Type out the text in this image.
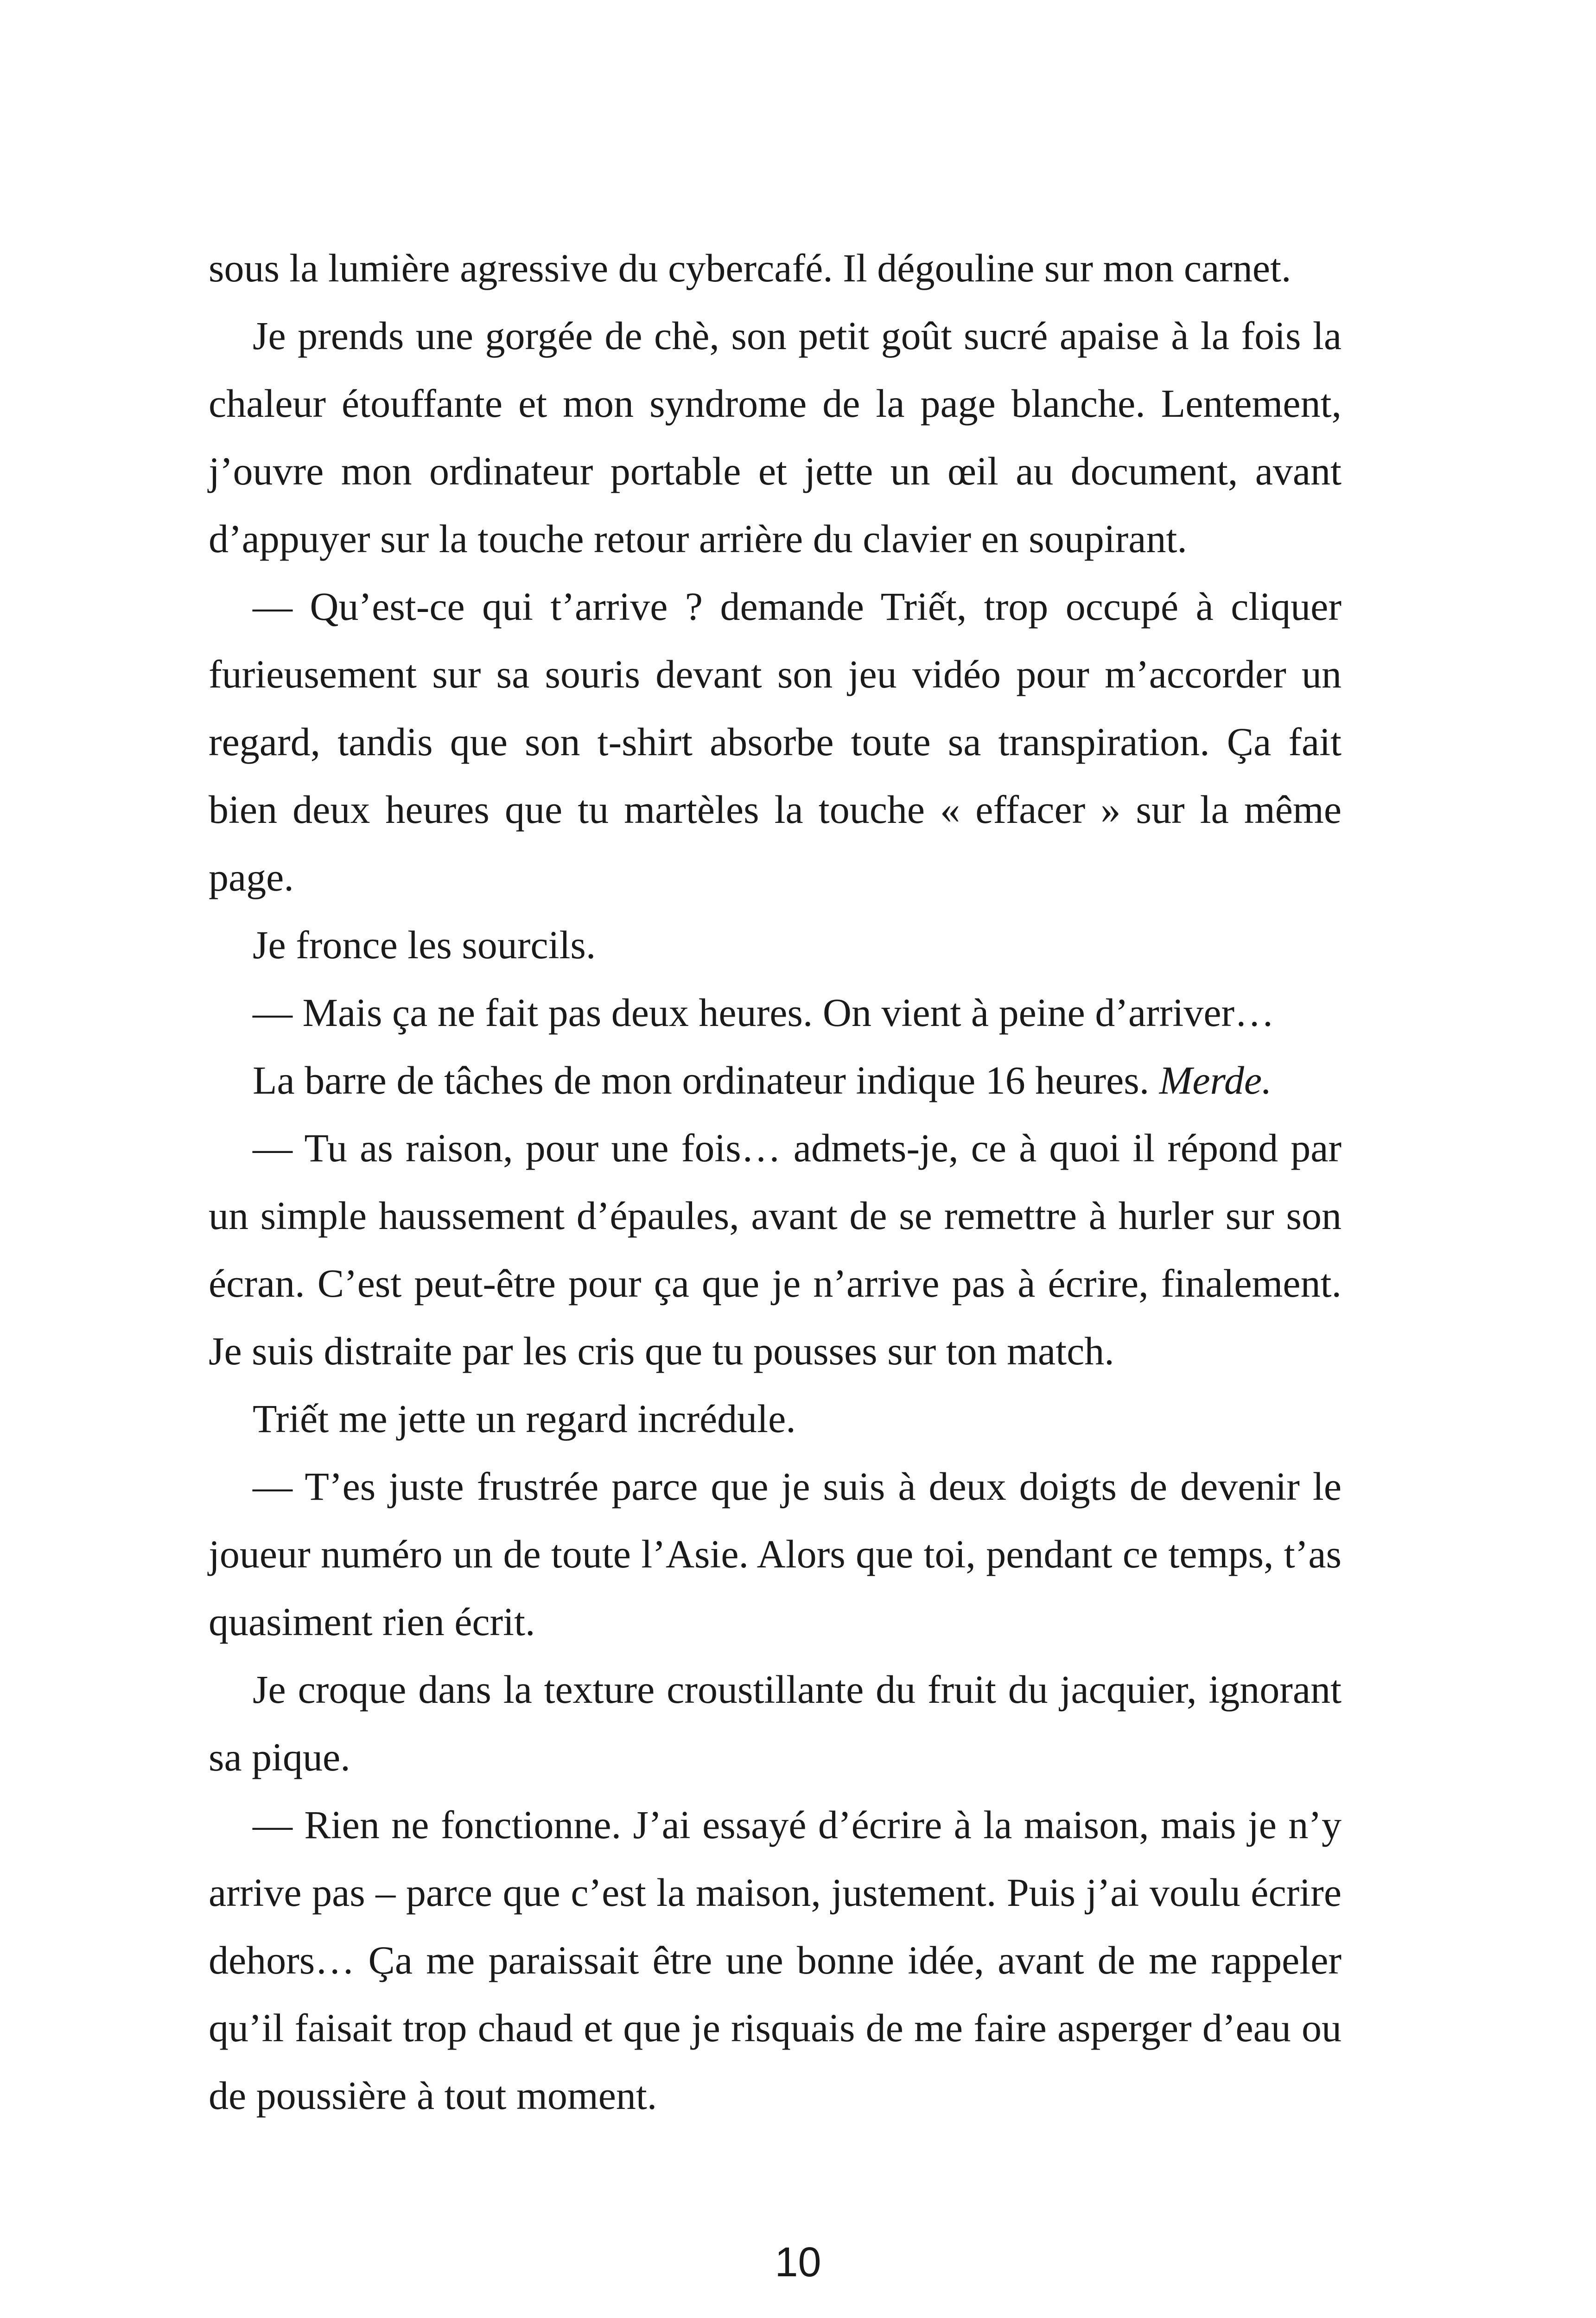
sous la lumière agressive du cybercafé. Il dégouline sur mon carnet.

Je prends une gorgée de chè, son petit goût sucré apaise à la fois la chaleur étouffante et mon syndrome de la page blanche. Lentement, j’ouvre mon ordinateur portable et jette un œil au document, avant d’appuyer sur la touche retour arrière du clavier en soupirant.

— Qu’est-ce qui t’arrive ? demande Triết, trop occupé à cliquer furieusement sur sa souris devant son jeu vidéo pour m’accorder un regard, tandis que son t-shirt absorbe toute sa transpiration. Ça fait bien deux heures que tu martèles la touche « effacer » sur la même page.

Je fronce les sourcils.

— Mais ça ne fait pas deux heures. On vient à peine d’arriver…

La barre de tâches de mon ordinateur indique 16 heures. Merde.

— Tu as raison, pour une fois… admets-je, ce à quoi il répond par un simple haussement d’épaules, avant de se remettre à hurler sur son écran. C’est peut-être pour ça que je n’arrive pas à écrire, finalement. Je suis distraite par les cris que tu pousses sur ton match.

Triết me jette un regard incrédule.

— T’es juste frustrée parce que je suis à deux doigts de devenir le joueur numéro un de toute l’Asie. Alors que toi, pendant ce temps, t’as quasiment rien écrit.

Je croque dans la texture croustillante du fruit du jacquier, ignorant sa pique.

— Rien ne fonctionne. J’ai essayé d’écrire à la maison, mais je n’y arrive pas – parce que c’est la maison, justement. Puis j’ai voulu écrire dehors… Ça me paraissait être une bonne idée, avant de me rappeler qu’il faisait trop chaud et que je risquais de me faire asperger d’eau ou de poussière à tout moment.

10
